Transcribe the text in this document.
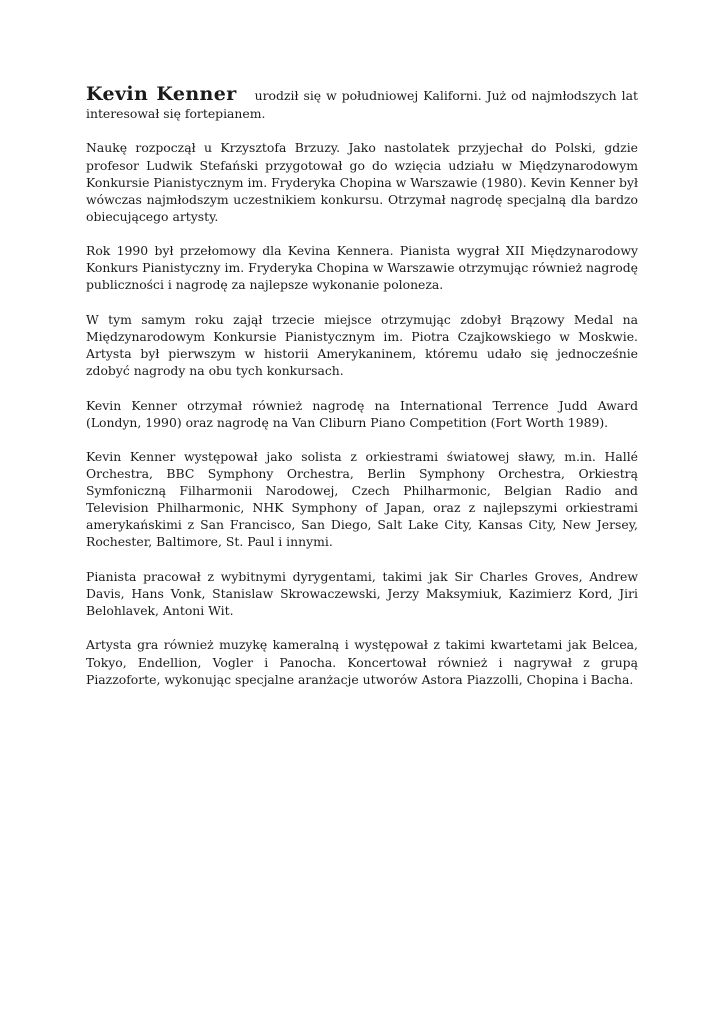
Kevin Kenner urodził się w południowej Kaliforni. Już od najmłodszych lat interesował się fortepianem.

Naukę rozpoczął u Krzysztofa Brzuzy. Jako nastolatek przyjechał do Polski, gdzie profesor Ludwik Stefański przygotował go do wzięcia udziału w Międzynarodowym Konkursie Pianistycznym im. Fryderyka Chopina w Warszawie (1980). Kevin Kenner był wówczas najmłodszym uczestnikiem konkursu. Otrzymał nagrodę specjalną dla bardzo obiecującego artysty.

Rok 1990 był przełomowy dla Kevina Kennera. Pianista wygrał XII Międzynarodowy Konkurs Pianistyczny im. Fryderyka Chopina w Warszawie otrzymując również nagrodę publiczności i nagrodę za najlepsze wykonanie poloneza.

W tym samym roku zajął trzecie miejsce otrzymując zdobył Brązowy Medal na Międzynarodowym Konkursie Pianistycznym im. Piotra Czajkowskiego w Moskwie. Artysta był pierwszym w historii Amerykaninem, któremu udało się jednocześnie zdobyć nagrody na obu tych konkursach.

Kevin Kenner otrzymał również nagrodę na International Terrence Judd Award (Londyn, 1990) oraz nagrodę na Van Cliburn Piano Competition (Fort Worth 1989).

Kevin Kenner występował jako solista z orkiestrami światowej sławy, m.in. Hallé Orchestra, BBC Symphony Orchestra, Berlin Symphony Orchestra, Orkiestrą Symfoniczną Filharmonii Narodowej, Czech Philharmonic, Belgian Radio and Television Philharmonic, NHK Symphony of Japan, oraz z najlepszymi orkiestrami amerykańskimi z San Francisco, San Diego, Salt Lake City, Kansas City, New Jersey, Rochester, Baltimore, St. Paul i innymi.

Pianista pracował z wybitnymi dyrygentami, takimi jak Sir Charles Groves, Andrew Davis, Hans Vonk, Stanislaw Skrowaczewski, Jerzy Maksymiuk, Kazimierz Kord, Jiri Belohlavek, Antoni Wit.

Artysta gra również muzykę kameralną i występował z takimi kwartetami jak Belcea, Tokyo, Endellion, Vogler i Panocha. Koncertował również i nagrywał z grupą Piazzoforte, wykonując specjalne aranżacje utworów Astora Piazzolli, Chopina i Bacha.
